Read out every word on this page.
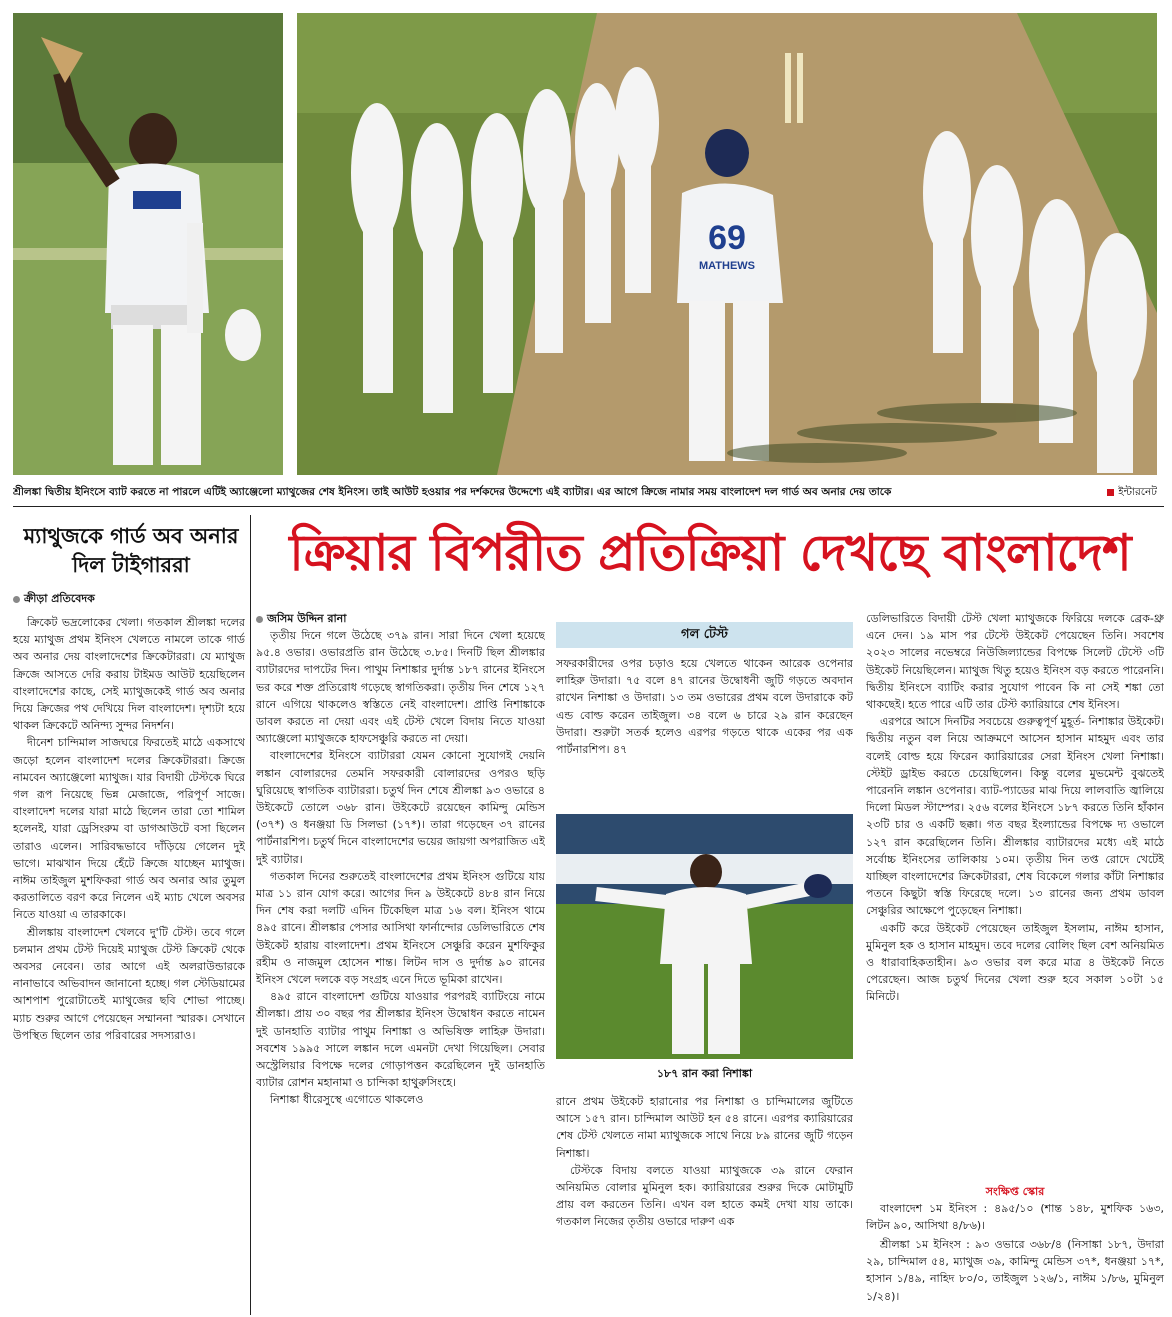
69
MATHEWS
শ্রীলঙ্কা দ্বিতীয় ইনিংসে ব্যাট করতে না পারলে এটিই অ্যাঞ্জেলো ম্যাথুজের শেষ ইনিংস। তাই আউট হওয়ার পর দর্শকদের উদ্দেশ্যে এই ব্যাটার। এর আগে ক্রিজে নামার সময় বাংলাদেশ দল গার্ড অব অনার দেয় তাকে	ইন্টারনেট
ম্যাথুজকে গার্ড অব অনার দিল টাইগাররা
ক্রীড়া প্রতিবেদক

ক্রিকেট ভদ্রলোকের খেলা। গতকাল শ্রীলঙ্কা দলের হয়ে ম্যাথুজ প্রথম ইনিংস খেলতে নামলে তাকে গার্ড অব অনার দেয় বাংলাদেশের ক্রিকেটাররা। যে ম্যাথুজ ক্রিজে আসতে দেরি করায় টাইমড আউট হয়েছিলেন বাংলাদেশের কাছে, সেই ম্যাথুজকেই গার্ড অব অনার দিয়ে ক্রিজের পথ দেখিয়ে দিল বাংলাদেশ। দৃশ্যটা হয়ে থাকল ক্রিকেটে অনিন্দ্য সুন্দর নিদর্শন।

দীনেশ চান্দিমাল সাজঘরে ফিরতেই মাঠে একসাথে জড়ো হলেন বাংলাদেশ দলের ক্রিকেটাররা। ক্রিজে নামবেন অ্যাঞ্জেলো ম্যাথুজ। যার বিদায়ী টেস্টকে ঘিরে গল রূপ নিয়েছে ভিন্ন মেজাজে, পরিপূর্ণ সাজে। বাংলাদেশ দলের যারা মাঠে ছিলেন তারা তো শামিল হলেনই, যারা ড্রেসিংরুম বা ডাগআউটে বসা ছিলেন তারাও এলেন। সারিবদ্ধভাবে দাঁড়িয়ে গেলেন দুই ভাগে। মাঝখান দিয়ে হেঁটে ক্রিজে যাচ্ছেন ম্যাথুজ। নাঈম তাইজুল মুশফিকরা গার্ড অব অনার আর তুমুল করতালিতে বরণ করে নিলেন এই ম্যাচ খেলে অবসর নিতে যাওয়া এ তারকাকে।

শ্রীলঙ্কায় বাংলাদেশ খেলবে দু'টি টেস্ট। তবে গলে চলমান প্রথম টেস্ট দিয়েই ম্যাথুজ টেস্ট ক্রিকেট থেকে অবসর নেবেন। তার আগে এই অলরাউন্ডারকে নানাভাবে অভিবাদন জানানো হচ্ছে। গল স্টেডিয়ামের আশপাশ পুরোটাতেই ম্যাথুজের ছবি শোভা পাচ্ছে। ম্যাচ শুরুর আগে পেয়েছেন সম্মাননা স্মারক। সেখানে উপস্থিত ছিলেন তার পরিবারের সদস্যরাও।

ক্রিয়ার বিপরীত প্রতিক্রিয়া দেখছে বাংলাদেশ
জসিম উদ্দিন রানা

তৃতীয় দিনে গলে উঠেছে ৩৭৯ রান। সারা দিনে খেলা হয়েছে ৯৫.৪ ওভার। ওভারপ্রতি রান উঠেছে ৩.৮৫। দিনটি ছিল শ্রীলঙ্কার ব্যাটারদের দাপটের দিন। পাথুম নিশাঙ্কার দুর্দান্ত ১৮৭ রানের ইনিংসে ভর করে শক্ত প্রতিরোধ গড়েছে স্বাগতিকরা। তৃতীয় দিন শেষে ১২৭ রানে এগিয়ে থাকলেও স্বস্তিতে নেই বাংলাদেশ। প্রাপ্তি নিশাঙ্কাকে ডাবল করতে না দেয়া এবং এই টেস্ট খেলে বিদায় নিতে যাওয়া অ্যাঞ্জেলো ম্যাথুজকে হাফসেঞ্চুরি করতে না দেয়া।

বাংলাদেশের ইনিংসে ব্যাটাররা যেমন কোনো সুযোগই দেয়নি লঙ্কান বোলারদের তেমনি সফরকারী বোলারদের ওপরও ছড়ি ঘুরিয়েছে স্বাগতিক ব্যাটাররা। চতুর্থ দিন শেষে শ্রীলঙ্কা ৯৩ ওভারে ৪ উইকেটে তোলে ৩৬৮ রান। উইকেটে রয়েছেন কামিন্দু মেন্ডিস (৩৭*) ও ধনঞ্জয়া ডি সিলভা (১৭*)। তারা গড়েছেন ৩৭ রানের পার্টনারশিপ। চতুর্থ দিনে বাংলাদেশের ভয়ের জায়গা অপরাজিত এই দুই ব্যাটার।

গতকাল দিনের শুরুতেই বাংলাদেশের প্রথম ইনিংস গুটিয়ে যায় মাত্র ১১ রান যোগ করে। আগের দিন ৯ উইকেটে ৪৮৪ রান নিয়ে দিন শেষ করা দলটি এদিন টিকেছিল মাত্র ১৬ বল। ইনিংস থামে ৪৯৫ রানে। শ্রীলঙ্কার পেসার আসিথা ফার্নান্দোর ডেলিভারিতে শেষ উইকেট হারায় বাংলাদেশ। প্রথম ইনিংসে সেঞ্চুরি করেন মুশফিকুর রহীম ও নাজমুল হোসেন শান্ত। লিটন দাস ও দুর্দান্ত ৯০ রানের ইনিংস খেলে দলকে বড় সংগ্রহ এনে দিতে ভূমিকা রাখেন।

৪৯৫ রানে বাংলাদেশ গুটিয়ে যাওয়ার পরপরই ব্যাটিংয়ে নামে শ্রীলঙ্কা। প্রায় ৩০ বছর পর শ্রীলঙ্কার ইনিংস উদ্বোধন করতে নামেন দুই ডানহাতি ব্যাটার পাথুম নিশাঙ্কা ও অভিষিক্ত লাহিরু উদারা। সবশেষ ১৯৯৫ সালে লঙ্কান দলে এমনটা দেখা গিয়েছিল। সেবার অস্ট্রেলিয়ার বিপক্ষে দলের গোড়াপত্তন করেছিলেন দুই ডানহাতি ব্যাটার রোশন মহানামা ও চান্দিকা হাথুরুসিংহে।

নিশাঙ্কা ধীরেসুস্থে এগোতে থাকলেও

গল টেস্ট

সফরকারীদের ওপর চড়াও হয়ে খেলতে থাকেন আরেক ওপেনার লাহিরু উদারা। ৭৫ বলে ৪৭ রানের উদ্বোধনী জুটি গড়তে অবদান রাখেন নিশাঙ্কা ও উদারা। ১৩ তম ওভারের প্রথম বলে উদারাকে কট এন্ড বোল্ড করেন তাইজুল। ৩৪ বলে ৬ চারে ২৯ রান করেছেন উদারা। শুরুটা সতর্ক হলেও এরপর গড়তে থাকে একের পর এক পার্টনারশিপ। ৪৭

১৮৭ রান করা নিশাঙ্কা

রানে প্রথম উইকেট হারানোর পর নিশাঙ্কা ও চান্দিমালের জুটিতে আসে ১৫৭ রান। চান্দিমাল আউট হন ৫৪ রানে। এরপর ক্যারিয়ারের শেষ টেস্ট খেলতে নামা ম্যাথুজকে সাথে নিয়ে ৮৯ রানের জুটি গড়েন নিশাঙ্কা।

টেস্টকে বিদায় বলতে যাওয়া ম্যাথুজকে ৩৯ রানে ফেরান অনিয়মিত বোলার মুমিনুল হক। ক্যারিয়ারের শুরুর দিকে মোটামুটি প্রায় বল করতেন তিনি। এখন বল হাতে কমই দেখা যায় তাকে। গতকাল নিজের তৃতীয় ওভারে দারুণ এক

ডেলিভারিতে বিদায়ী টেস্ট খেলা ম্যাথুজকে ফিরিয়ে দলকে ব্রেক-থ্রু এনে দেন। ১৯ মাস পর টেস্টে উইকেট পেয়েছেন তিনি। সবশেষ ২০২৩ সালের নভেম্বরে নিউজিল্যান্ডের বিপক্ষে সিলেট টেস্টে ৩টি উইকেট নিয়েছিলেন। ম্যাথুজ থিতু হয়েও ইনিংস বড় করতে পারেননি। দ্বিতীয় ইনিংসে ব্যাটিং করার সুযোগ পাবেন কি না সেই শঙ্কা তো থাকছেই। হতে পারে এটি তার টেস্ট ক্যারিয়ারে শেষ ইনিংস।

এরপরে আসে দিনটির সবচেয়ে গুরুত্বপূর্ণ মুহূর্ত- নিশাঙ্কার উইকেট। দ্বিতীয় নতুন বল নিয়ে আক্রমণে আসেন হাসান মাহমুদ এবং তার বলেই বোল্ড হয়ে ফিরেন ক্যারিয়ারের সেরা ইনিংস খেলা নিশাঙ্কা। স্টেইট ড্রাইভ করতে চেয়েছিলেন। কিন্তু বলের মুভমেন্ট বুঝতেই পারেননি লঙ্কান ওপেনার। ব্যাট-প্যাডের মাঝ দিয়ে লালবাতি জ্বালিয়ে দিলো মিডল স্টাম্পের। ২৫৬ বলের ইনিংসে ১৮৭ করতে তিনি হাঁকান ২৩টি চার ও একটি ছক্কা। গত বছর ইংল্যান্ডের বিপক্ষে দ্য ওভালে ১২৭ রান করেছিলেন তিনি। শ্রীলঙ্কার ব্যাটারদের মধ্যে এই মাঠে সর্বোচ্চ ইনিংসের তালিকায় ১০ম। তৃতীয় দিন তপ্ত রোদে খেটেই যাচ্ছিল বাংলাদেশের ক্রিকেটাররা, শেষ বিকেলে গলার কাঁটা নিশাঙ্কার পতনে কিছুটা স্বস্তি ফিরেছে দলে। ১৩ রানের জন্য প্রথম ডাবল সেঞ্চুরির আক্ষেপে পুড়েছেন নিশাঙ্কা।

একটি করে উইকেট পেয়েছেন তাইজুল ইসলাম, নাঈম হাসান, মুমিনুল হক ও হাসান মাহমুদ। তবে দলের বোলিং ছিল বেশ অনিয়মিত ও ধারাবাহিকতাহীন। ৯৩ ওভার বল করে মাত্র ৪ উইকেট নিতে পেরেছেন। আজ চতুর্থ দিনের খেলা শুরু হবে সকাল ১০টা ১৫ মিনিটে।

সংক্ষিপ্ত স্কোর

বাংলাদেশ ১ম ইনিংস : ৪৯৫/১০ (শান্ত ১৪৮, মুশফিক ১৬৩, লিটন ৯০, আসিথা ৪/৮৬)।

শ্রীলঙ্কা ১ম ইনিংস : ৯৩ ওভারে ৩৬৮/৪ (নিসাঙ্কা ১৮৭, উদারা ২৯, চান্দিমাল ৫৪, ম্যাথুজ ৩৯, কামিন্দু মেন্ডিস ৩৭*, ধনঞ্জয়া ১৭*, হাসান ১/৪৯, নাহিদ ৮০/০, তাইজুল ১২৬/১, নাঈম ১/৮৬, মুমিনুল ১/২৪)।
